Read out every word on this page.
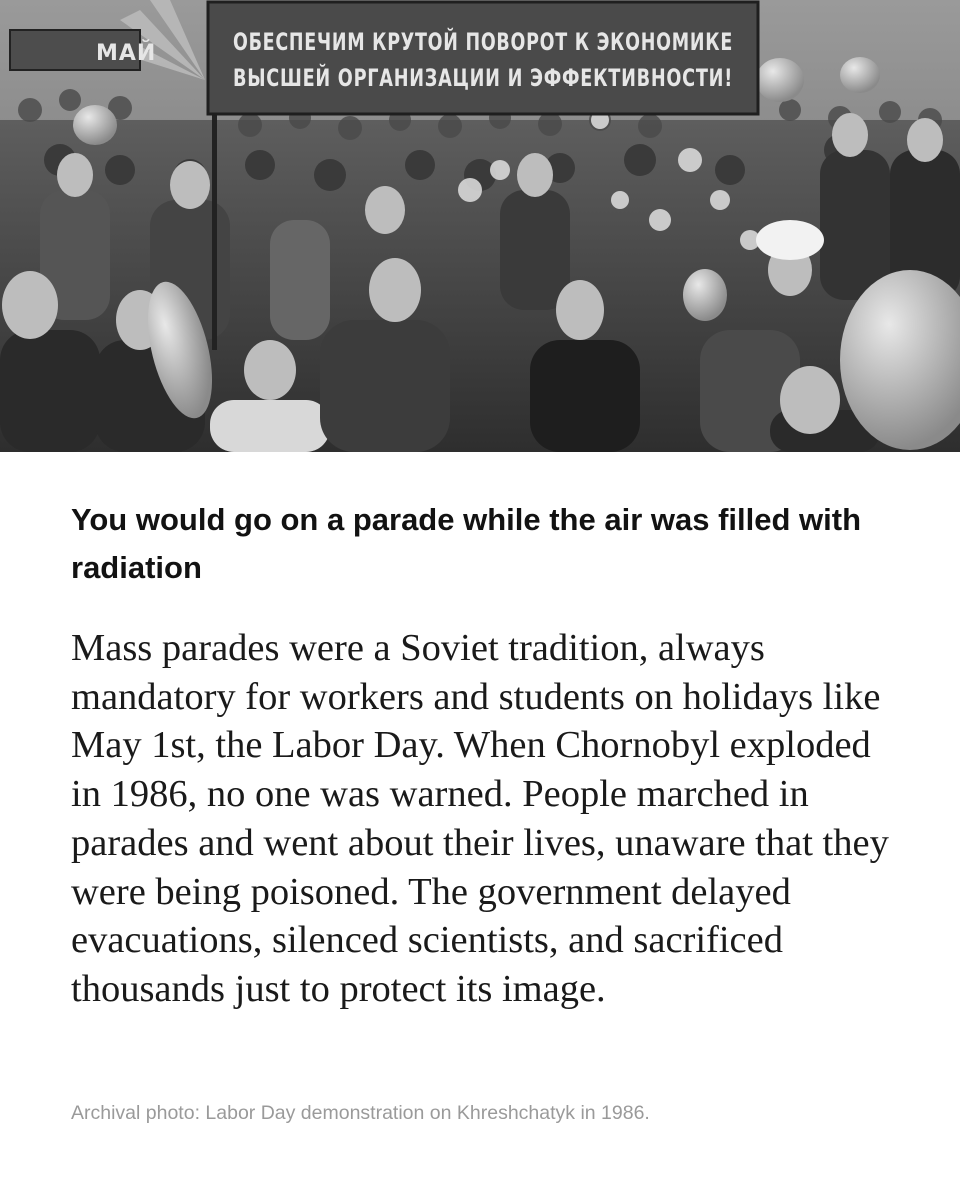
МАЙ	ОБЕСПЕЧИМ КРУТОЙ ПОВОРОТ К ЭКОНОМИКЕ
ВЫСШЕЙ ОРГАНИЗАЦИИ И ЭФФЕКТИВНОСТИ!
You would go on a parade while the air was filled with radiation

Mass parades were a Soviet tradition, always mandatory for workers and students on holidays like May 1st, the Labor Day. When Chornobyl exploded in 1986, no one was warned. People marched in parades and went about their lives, unaware that they were being poisoned. The government delayed evacuations, silenced scientists, and sacrificed thousands just to protect its image.

Archival photo: Labor Day demonstration on Khreshchatyk in 1986.
